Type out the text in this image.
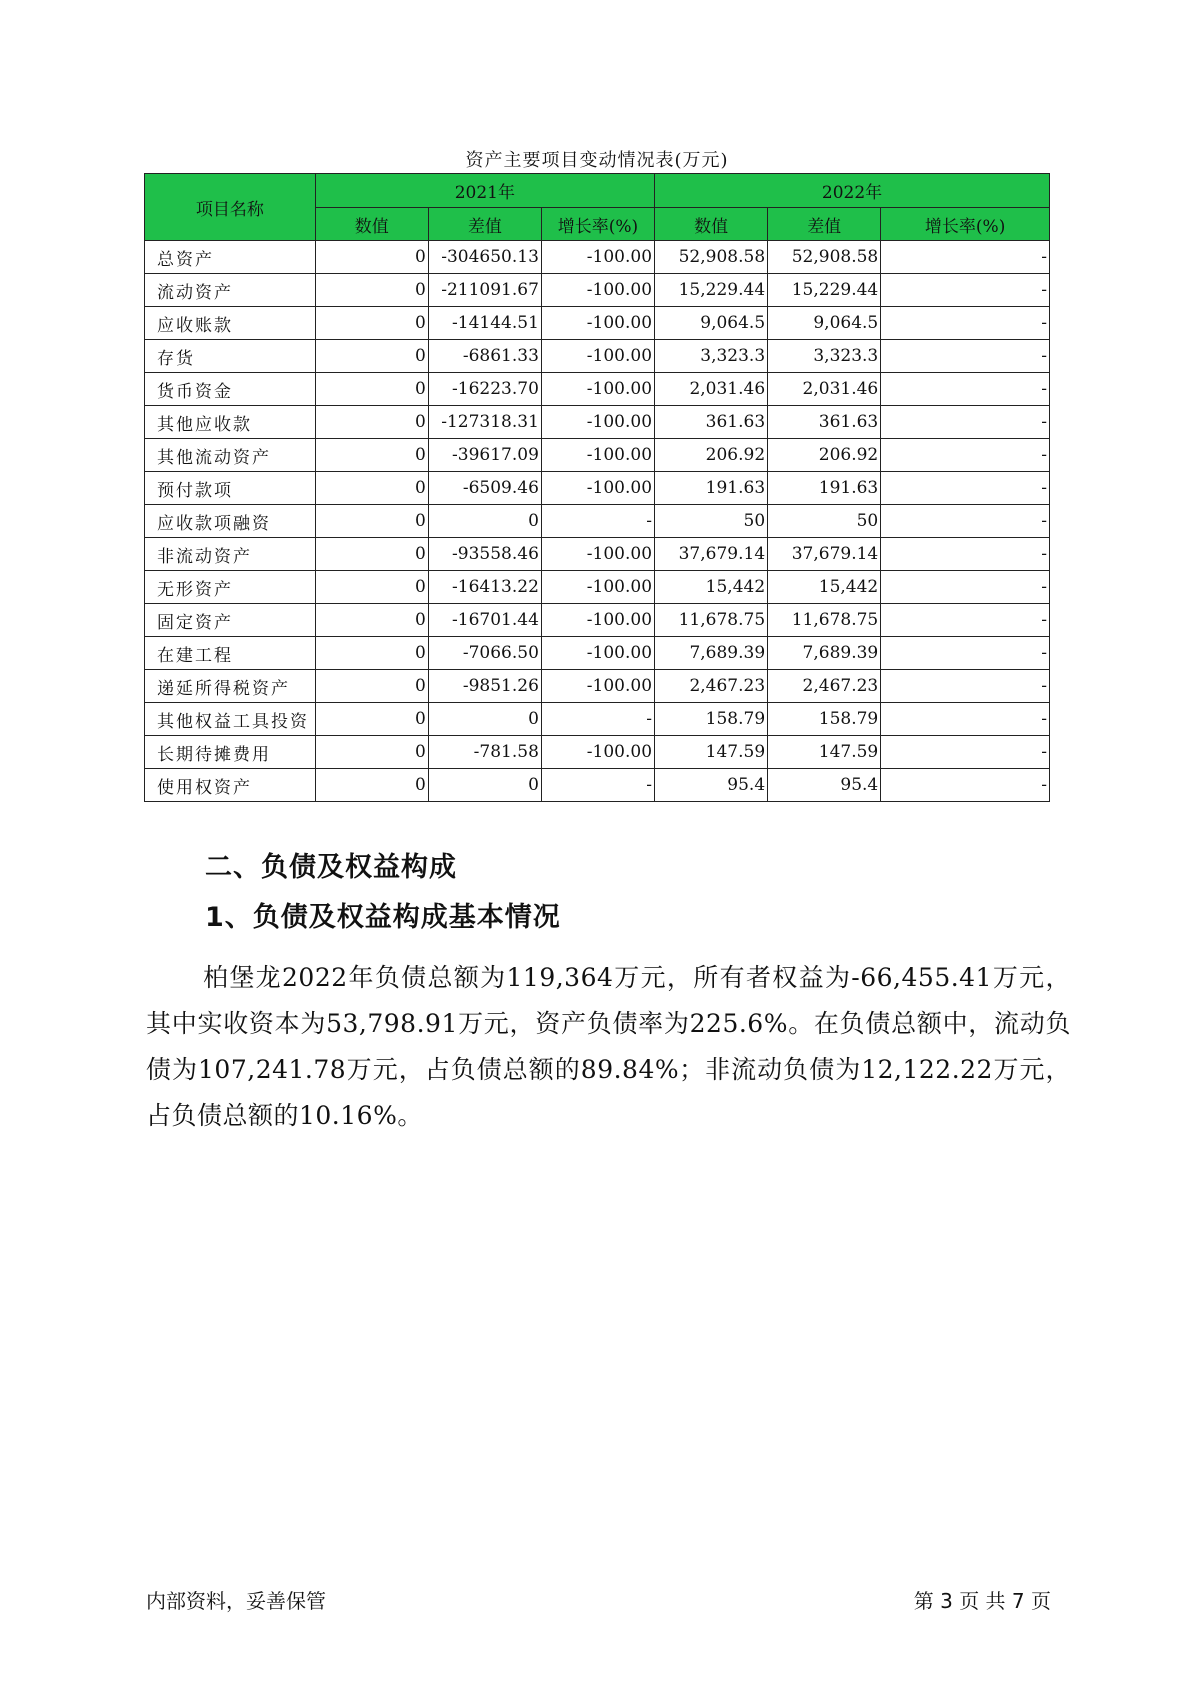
资产主要项目变动情况表(万元)
项目名称	2021年			2022年		
	数值	差值	增长率(%)	数值	差值	增长率(%)
总资产	0	-304650.13	-100.00	52,908.58	52,908.58	-
流动资产	0	-211091.67	-100.00	15,229.44	15,229.44	-
应收账款	0	-14144.51	-100.00	9,064.5	9,064.5	-
存货	0	-6861.33	-100.00	3,323.3	3,323.3	-
货币资金	0	-16223.70	-100.00	2,031.46	2,031.46	-
其他应收款	0	-127318.31	-100.00	361.63	361.63	-
其他流动资产	0	-39617.09	-100.00	206.92	206.92	-
预付款项	0	-6509.46	-100.00	191.63	191.63	-
应收款项融资	0	0	-	50	50	-
非流动资产	0	-93558.46	-100.00	37,679.14	37,679.14	-
无形资产	0	-16413.22	-100.00	15,442	15,442	-
固定资产	0	-16701.44	-100.00	11,678.75	11,678.75	-
在建工程	0	-7066.50	-100.00	7,689.39	7,689.39	-
递延所得税资产	0	-9851.26	-100.00	2,467.23	2,467.23	-
其他权益工具投资	0	0	-	158.79	158.79	-
长期待摊费用	0	-781.58	-100.00	147.59	147.59	-
使用权资产	0	0	-	95.4	95.4	-
二、负债及权益构成
1、负债及权益构成基本情况
柏堡龙2022年负债总额为119,364万元，所有者权益为-66,455.41万元，其中实收资本为53,798.91万元，资产负债率为225.6%。在负债总额中，流动负债为107,241.78万元，占负债总额的89.84%；非流动负债为12,122.22万元，占负债总额的10.16%。
内部资料，妥善保管	第 3 页 共 7 页
